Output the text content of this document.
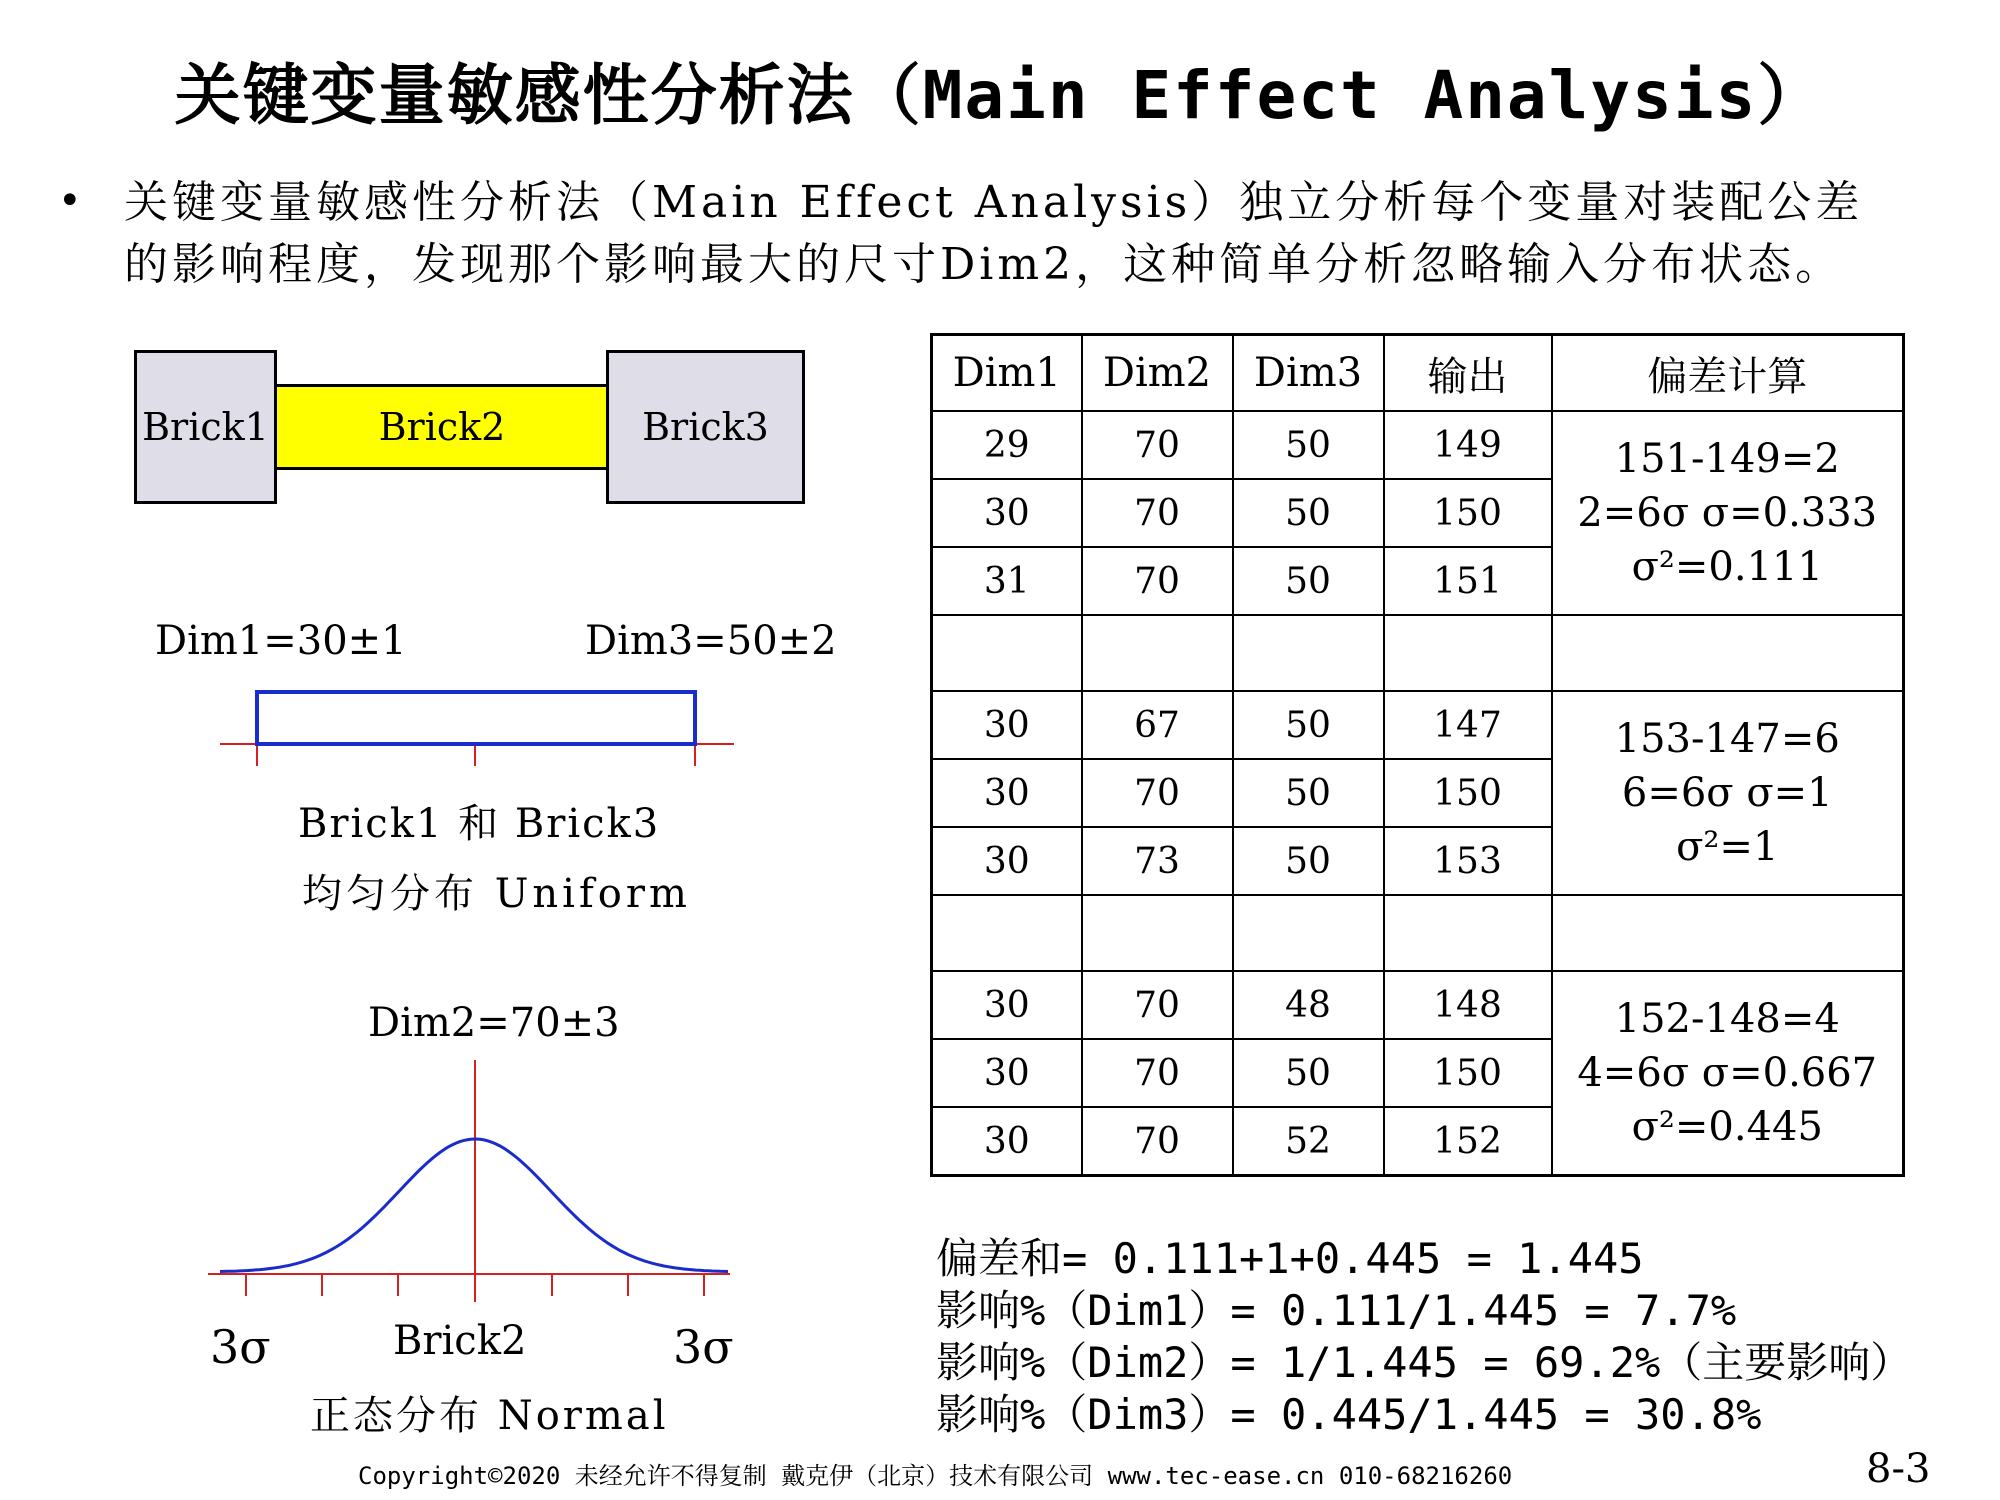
关键变量敏感性分析法（Main Effect Analysis）
• 关键变量敏感性分析法（Main Effect Analysis）独立分析每个变量对装配公差
的影响程度，发现那个影响最大的尺寸Dim2，这种简单分析忽略输入分布状态。
Brick2
Brick1	Brick3
Dim1=30±1	Dim3=50±2
Brick1 和 Brick3
均匀分布 Uniform
Dim2=70±3
3σ	Brick2	3σ
正态分布 Normal
Dim1	Dim2	Dim3	输出	偏差计算
29	70	50	149	151-149=2
2=6σ σ=0.333
σ²=0.111

30	70	50	150	
31	70	50	151	

30	67	50	147	153-147=6
6=6σ σ=1
σ²=1

30	70	50	150	
30	73	50	153	

30	70	48	148	152-148=4
4=6σ σ=0.667
σ²=0.445

30	70	50	150	
30	70	52	152	
偏差和= 0.111+1+0.445 = 1.445
影响%（Dim1）= 0.111/1.445 = 7.7%
影响%（Dim2）= 1/1.445 = 69.2%（主要影响）
影响%（Dim3）= 0.445/1.445 = 30.8%
Copyright©2020 未经允许不得复制 戴克伊（北京）技术有限公司 www.tec-ease.cn 010-68216260	8-3
